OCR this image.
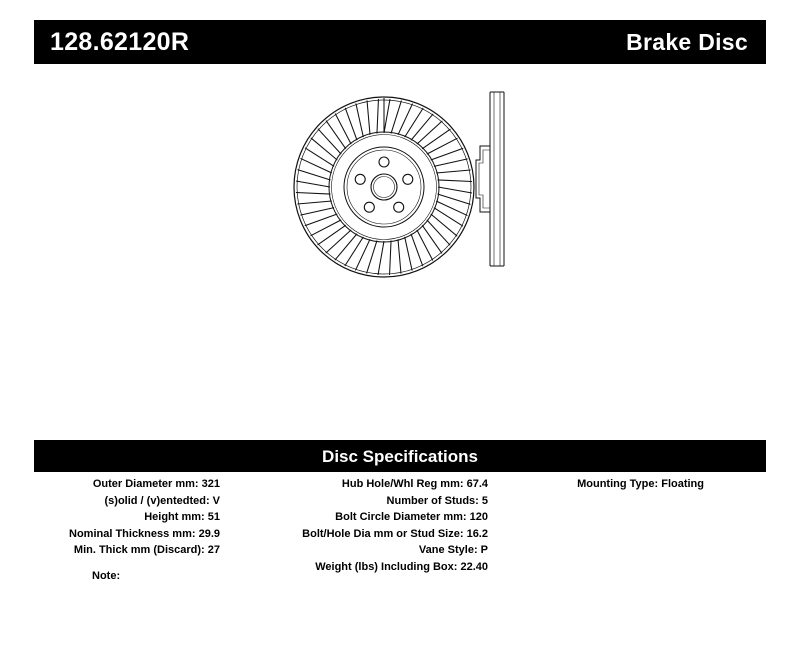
128.62120R	Brake Disc
Disc Specifications
Outer Diameter mm: 321
(s)olid / (v)entedted: V
Height mm: 51
Nominal Thickness mm: 29.9
Min. Thick mm (Discard): 27
Hub Hole/Whl Reg mm: 67.4
Number of Studs: 5
Bolt Circle Diameter mm: 120
Bolt/Hole Dia mm or Stud Size: 16.2
Vane Style: P
Weight (lbs) Including Box: 22.40
Mounting Type: Floating
Note:
